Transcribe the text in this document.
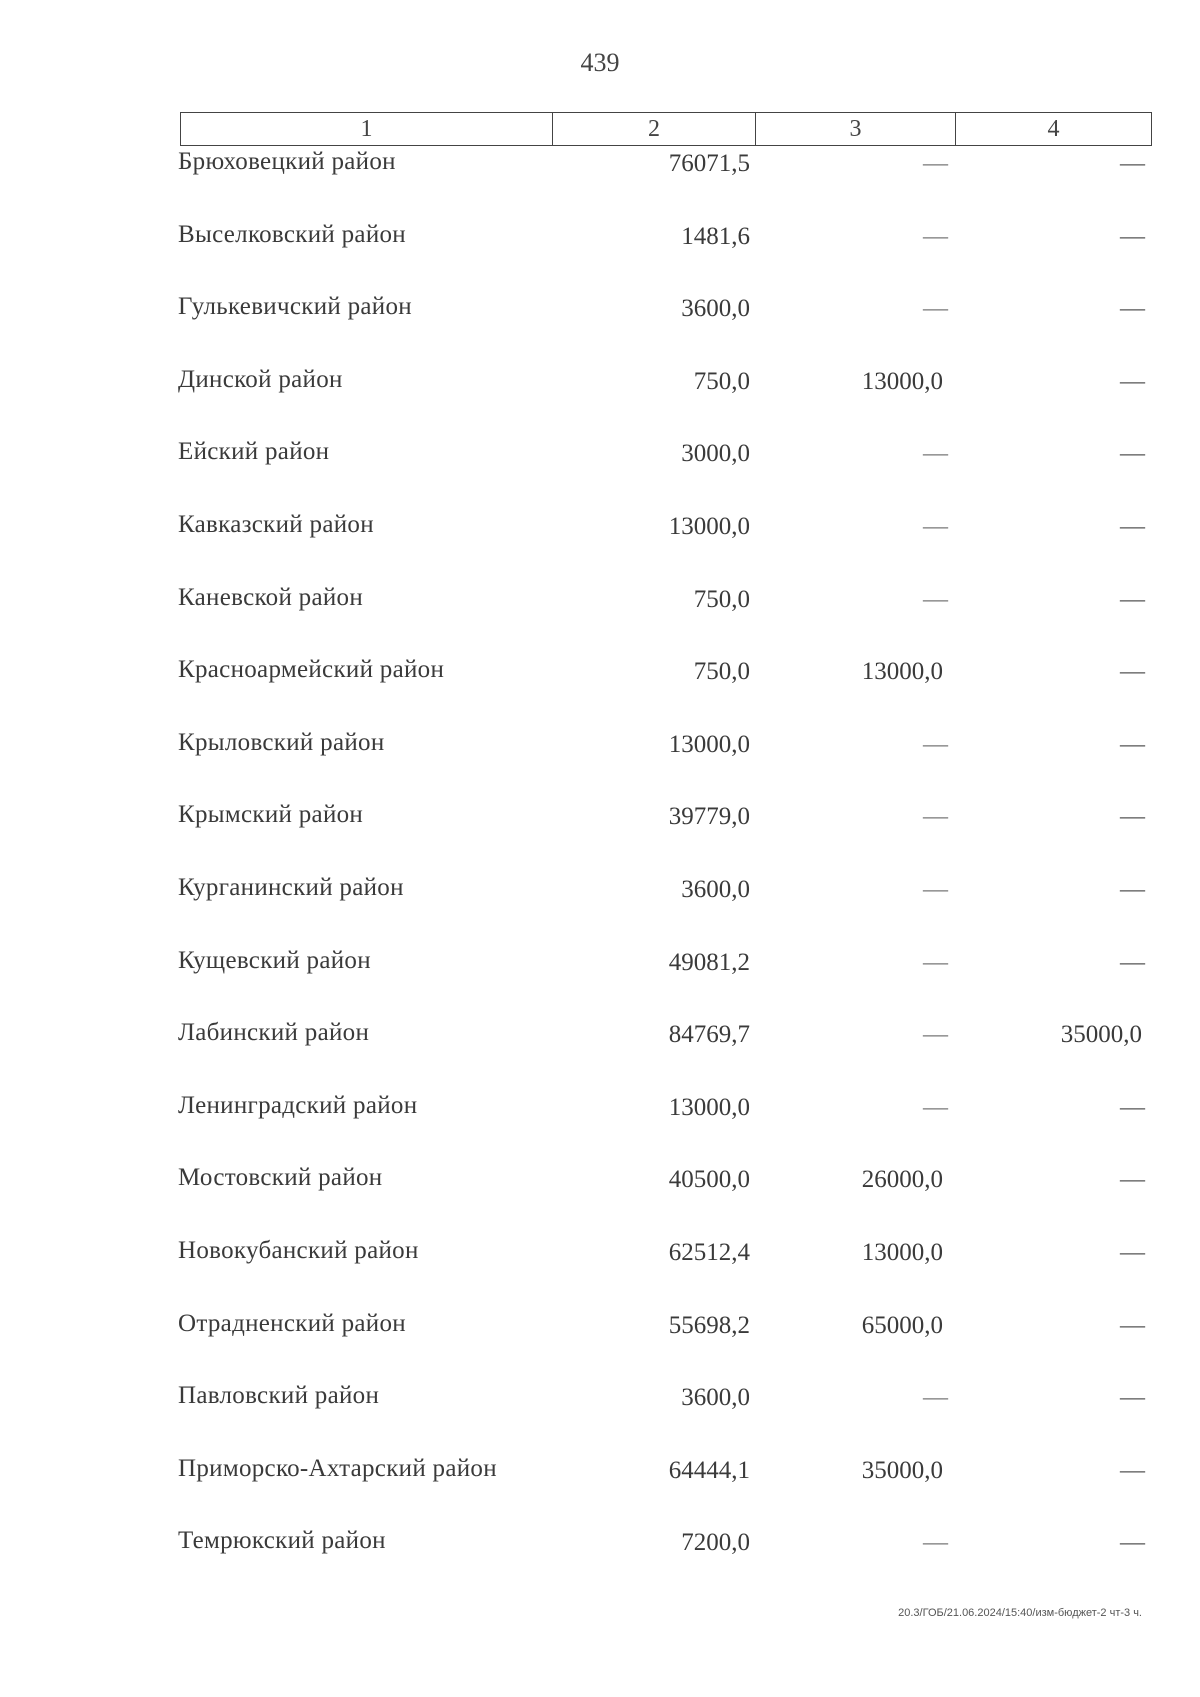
439
1	2	3	4
Брюховецкий район	76071,5	—	—
Выселковский район	1481,6	—	—
Гулькевичский район	3600,0	—	—
Динской район	750,0	13000,0	—
Ейский район	3000,0	—	—
Кавказский район	13000,0	—	—
Каневской район	750,0	—	—
Красноармейский район	750,0	13000,0	—
Крыловский район	13000,0	—	—
Крымский район	39779,0	—	—
Курганинский район	3600,0	—	—
Кущевский район	49081,2	—	—
Лабинский район	84769,7	—	35000,0
Ленинградский район	13000,0	—	—
Мостовский район	40500,0	26000,0	—
Новокубанский район	62512,4	13000,0	—
Отрадненский район	55698,2	65000,0	—
Павловский район	3600,0	—	—
Приморско-Ахтарский район	64444,1	35000,0	—
Темрюкский район	7200,0	—	—
20.3/ГОБ/21.06.2024/15:40/изм-бюджет-2 чт-3 ч.
